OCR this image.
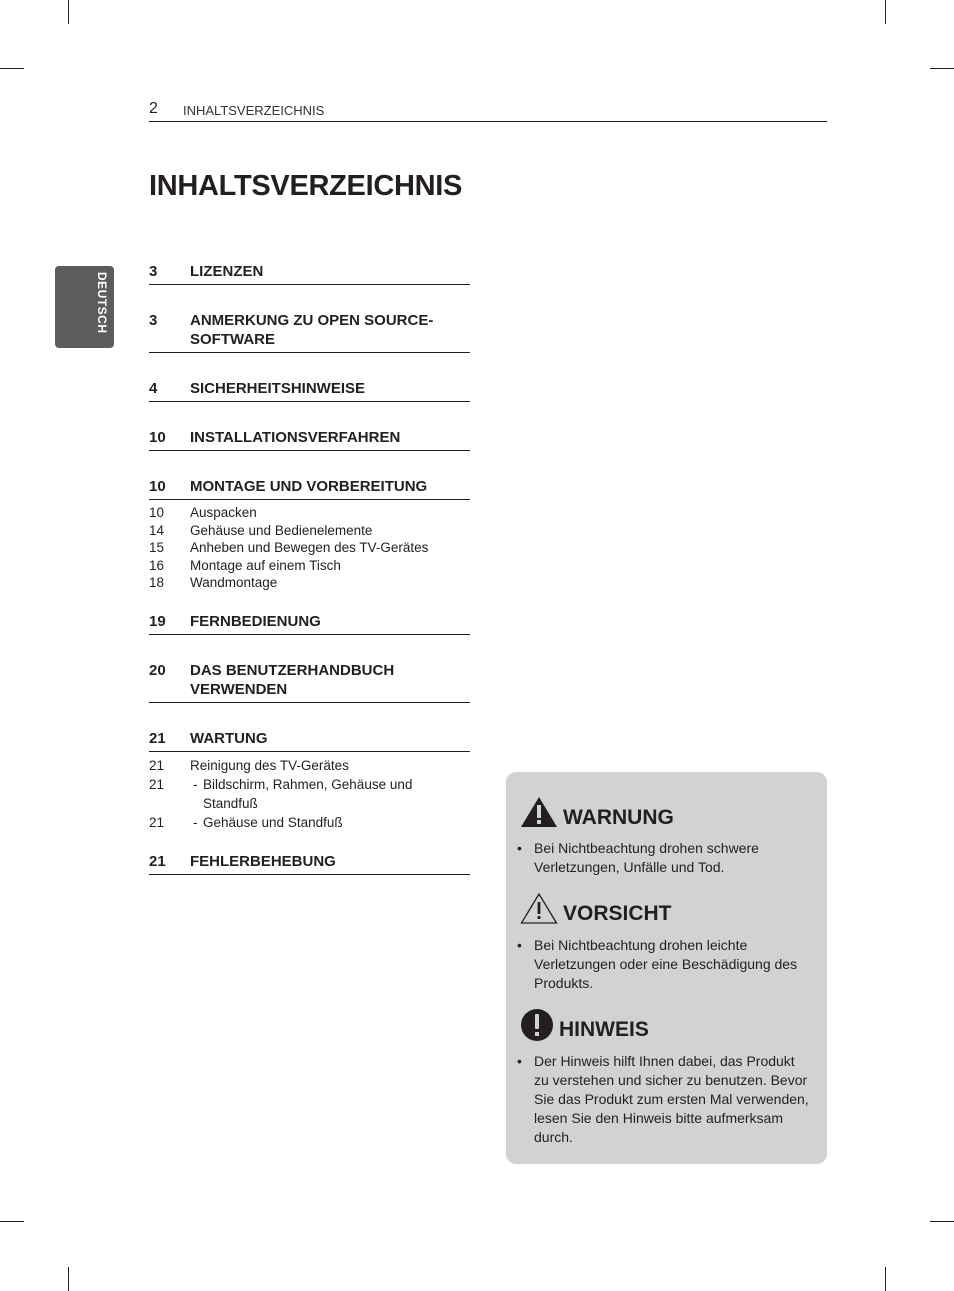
2 INHALTSVERZEICHNIS
INHALTSVERZEICHNIS
DEUTSCH
3	LIZENZEN
3	ANMERKUNG ZU OPEN SOURCE-SOFTWARE
4	SICHERHEITSHINWEISE
10	INSTALLATIONSVERFAHREN
10	MONTAGE UND VORBEREITUNG
10	Auspacken
14	Gehäuse und Bedienelemente
15	Anheben und Bewegen des TV-Gerätes
16	Montage auf einem Tisch
18	Wandmontage
19	FERNBEDIENUNG
20	DAS BENUTZERHANDBUCH VERWENDEN
21	WARTUNG
21	Reinigung des TV-Gerätes
21	- Bildschirm, Rahmen, Gehäuse und Standfuß
21	- Gehäuse und Standfuß
21	FEHLERBEHEBUNG
WARNUNG
• Bei Nichtbeachtung drohen schwere Verletzungen, Unfälle und Tod.
VORSICHT
• Bei Nichtbeachtung drohen leichte Verletzungen oder eine Beschädigung des Produkts.
HINWEIS
• Der Hinweis hilft Ihnen dabei, das Produkt zu verstehen und sicher zu benutzen. Bevor Sie das Produkt zum ersten Mal verwenden, lesen Sie den Hinweis bitte aufmerksam durch.
